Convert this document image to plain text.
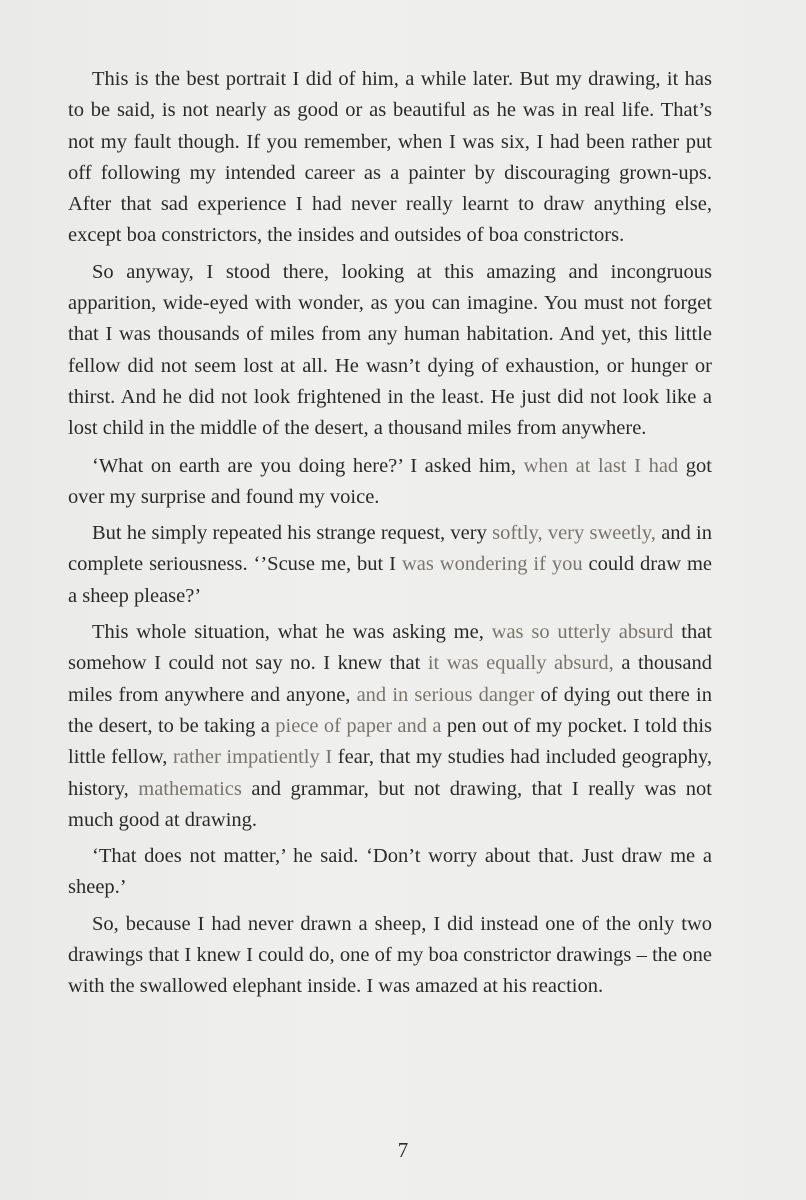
This is the best portrait I did of him, a while later. But my drawing, it has to be said, is not nearly as good or as beautiful as he was in real life. That’s not my fault though. If you remember, when I was six, I had been rather put off following my intended career as a painter by discouraging grown-ups. After that sad experience I had never really learnt to draw anything else, except boa constrictors, the insides and outsides of boa constrictors.

So anyway, I stood there, looking at this amazing and incongruous apparition, wide-eyed with wonder, as you can imagine. You must not forget that I was thousands of miles from any human habitation. And yet, this little fellow did not seem lost at all. He wasn’t dying of exhaustion, or hunger or thirst. And he did not look frightened in the least. He just did not look like a lost child in the middle of the desert, a thousand miles from anywhere.

‘What on earth are you doing here?’ I asked him, when at last I had got over my surprise and found my voice.

But he simply repeated his strange request, very softly, very sweetly, and in complete seriousness. ‘’Scuse me, but I was wondering if you could draw me a sheep please?’

This whole situation, what he was asking me, was so utterly absurd that somehow I could not say no. I knew that it was equally absurd, a thousand miles from anywhere and anyone, and in serious danger of dying out there in the desert, to be taking a piece of paper and a pen out of my pocket. I told this little fellow, rather impatiently I fear, that my studies had included geography, history, mathematics and grammar, but not drawing, that I really was not much good at drawing.

‘That does not matter,’ he said. ‘Don’t worry about that. Just draw me a sheep.’

So, because I had never drawn a sheep, I did instead one of the only two drawings that I knew I could do, one of my boa constrictor drawings – the one with the swallowed elephant inside. I was amazed at his reaction.

7
